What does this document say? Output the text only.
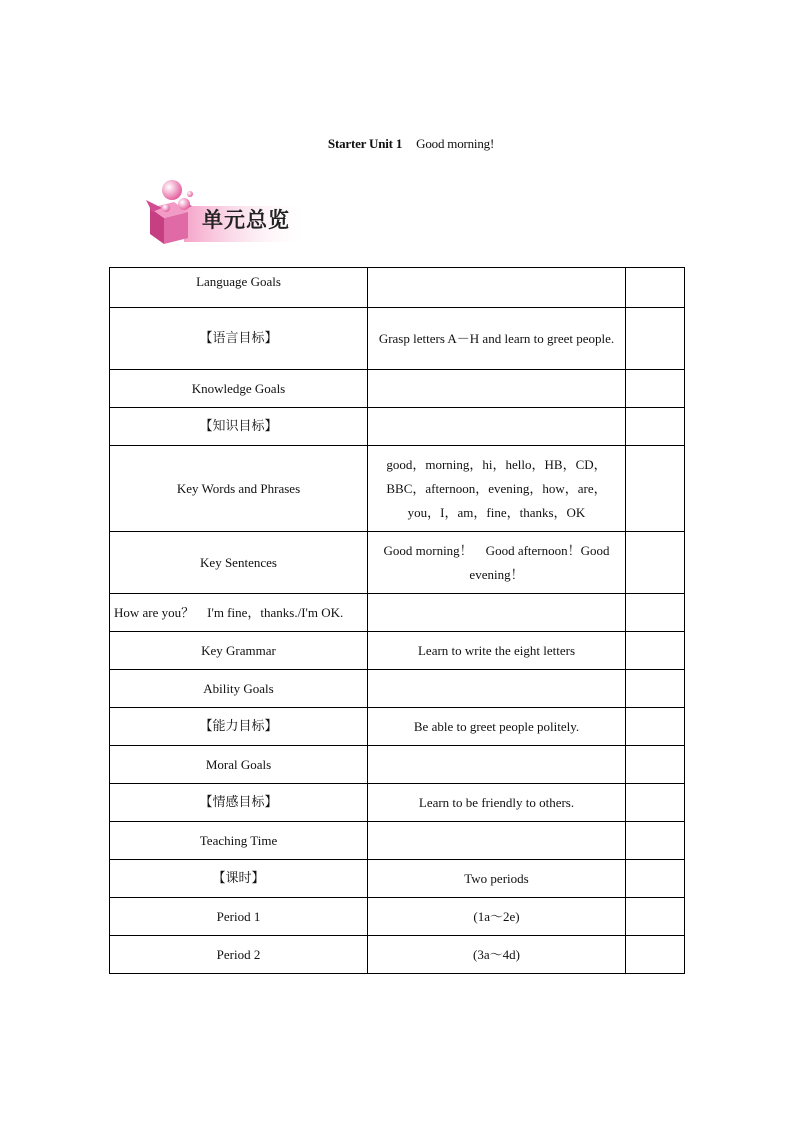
Starter Unit 1 Good morning!
单元总览
Language Goals		
【语言目标】	Grasp letters A－H and learn to greet people.	
Knowledge Goals		
【知识目标】		
Key Words and Phrases	good，morning，hi，hello，HB，CD，BBC，afternoon，evening，how，are，you，I，am，fine，thanks，OK	
Key Sentences	Good morning！　Good afternoon！Good evening！	
How are you？　I'm fine，thanks./I'm OK.		
Key Grammar	Learn to write the eight letters	
Ability Goals		
【能力目标】	Be able to greet people politely.	
Moral Goals		
【情感目标】	Learn to be friendly to others.	
Teaching Time		
【课时】	Two periods	
Period 1	(1a～2e)	
Period 2	(3a～4d)	
